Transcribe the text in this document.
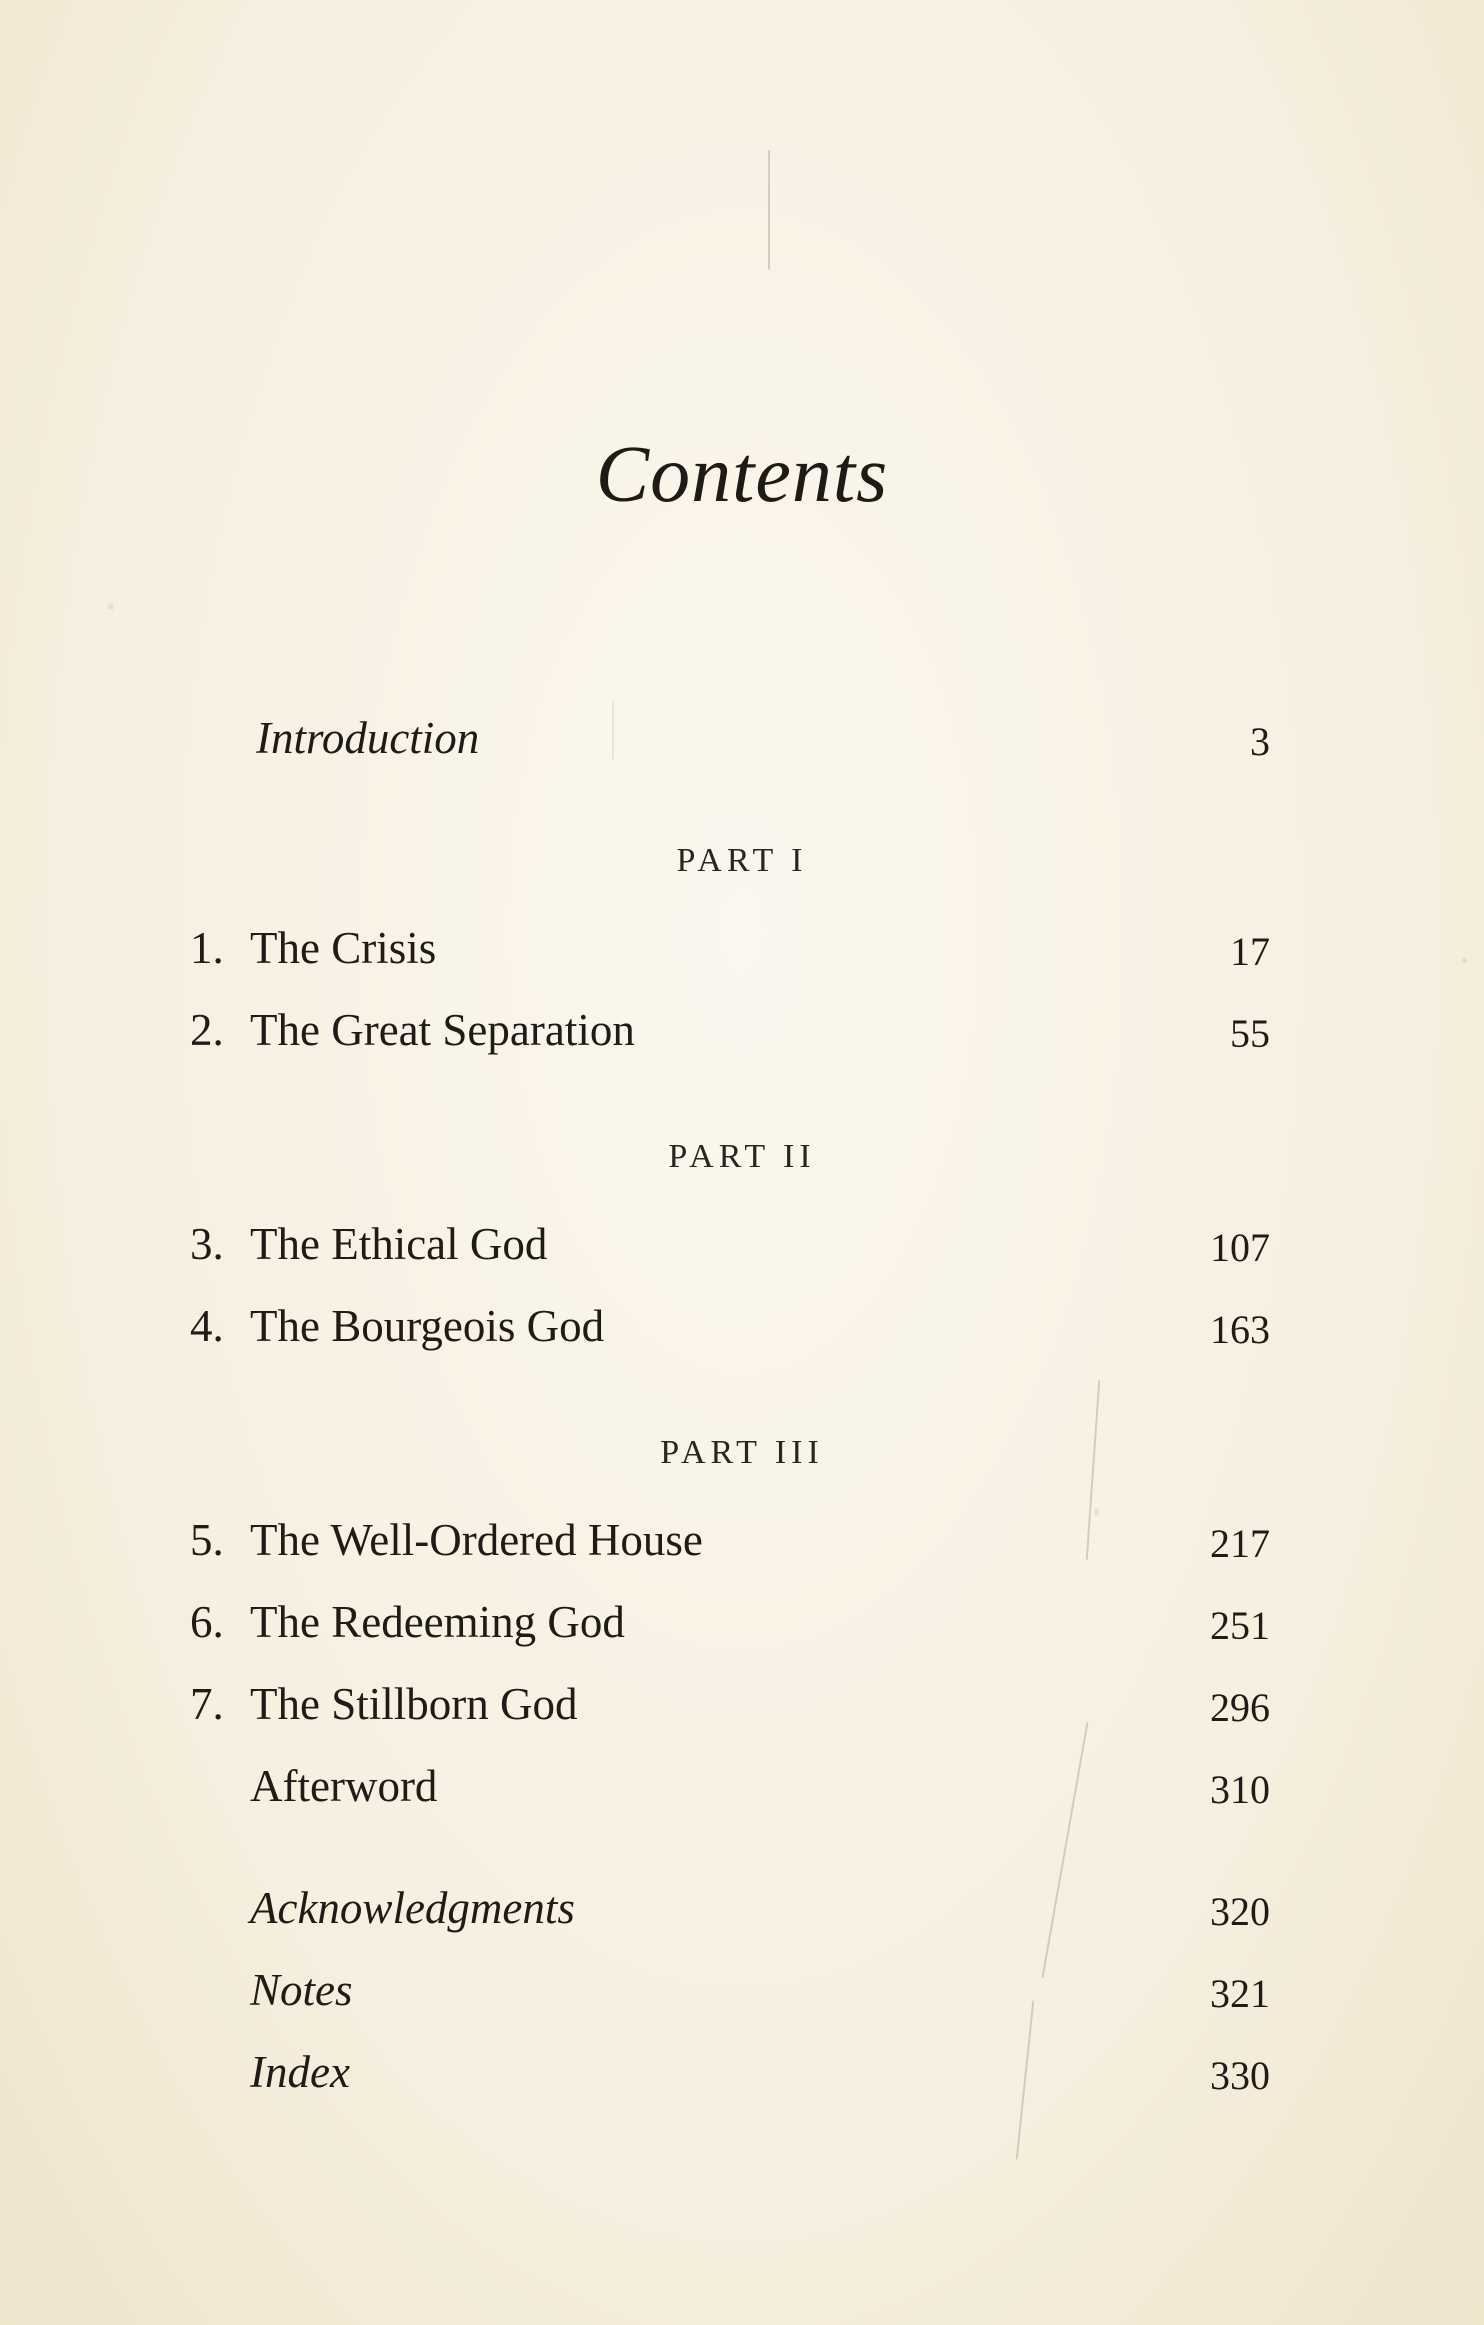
Contents
Introduction	3
PART I
1. The Crisis	17
2. The Great Separation	55
PART II
3. The Ethical God	107
4. The Bourgeois God	163
PART III
5. The Well-Ordered House	217
6. The Redeeming God	251
7. The Stillborn God	296
Afterword	310
Acknowledgments	320
Notes	321
Index	330
